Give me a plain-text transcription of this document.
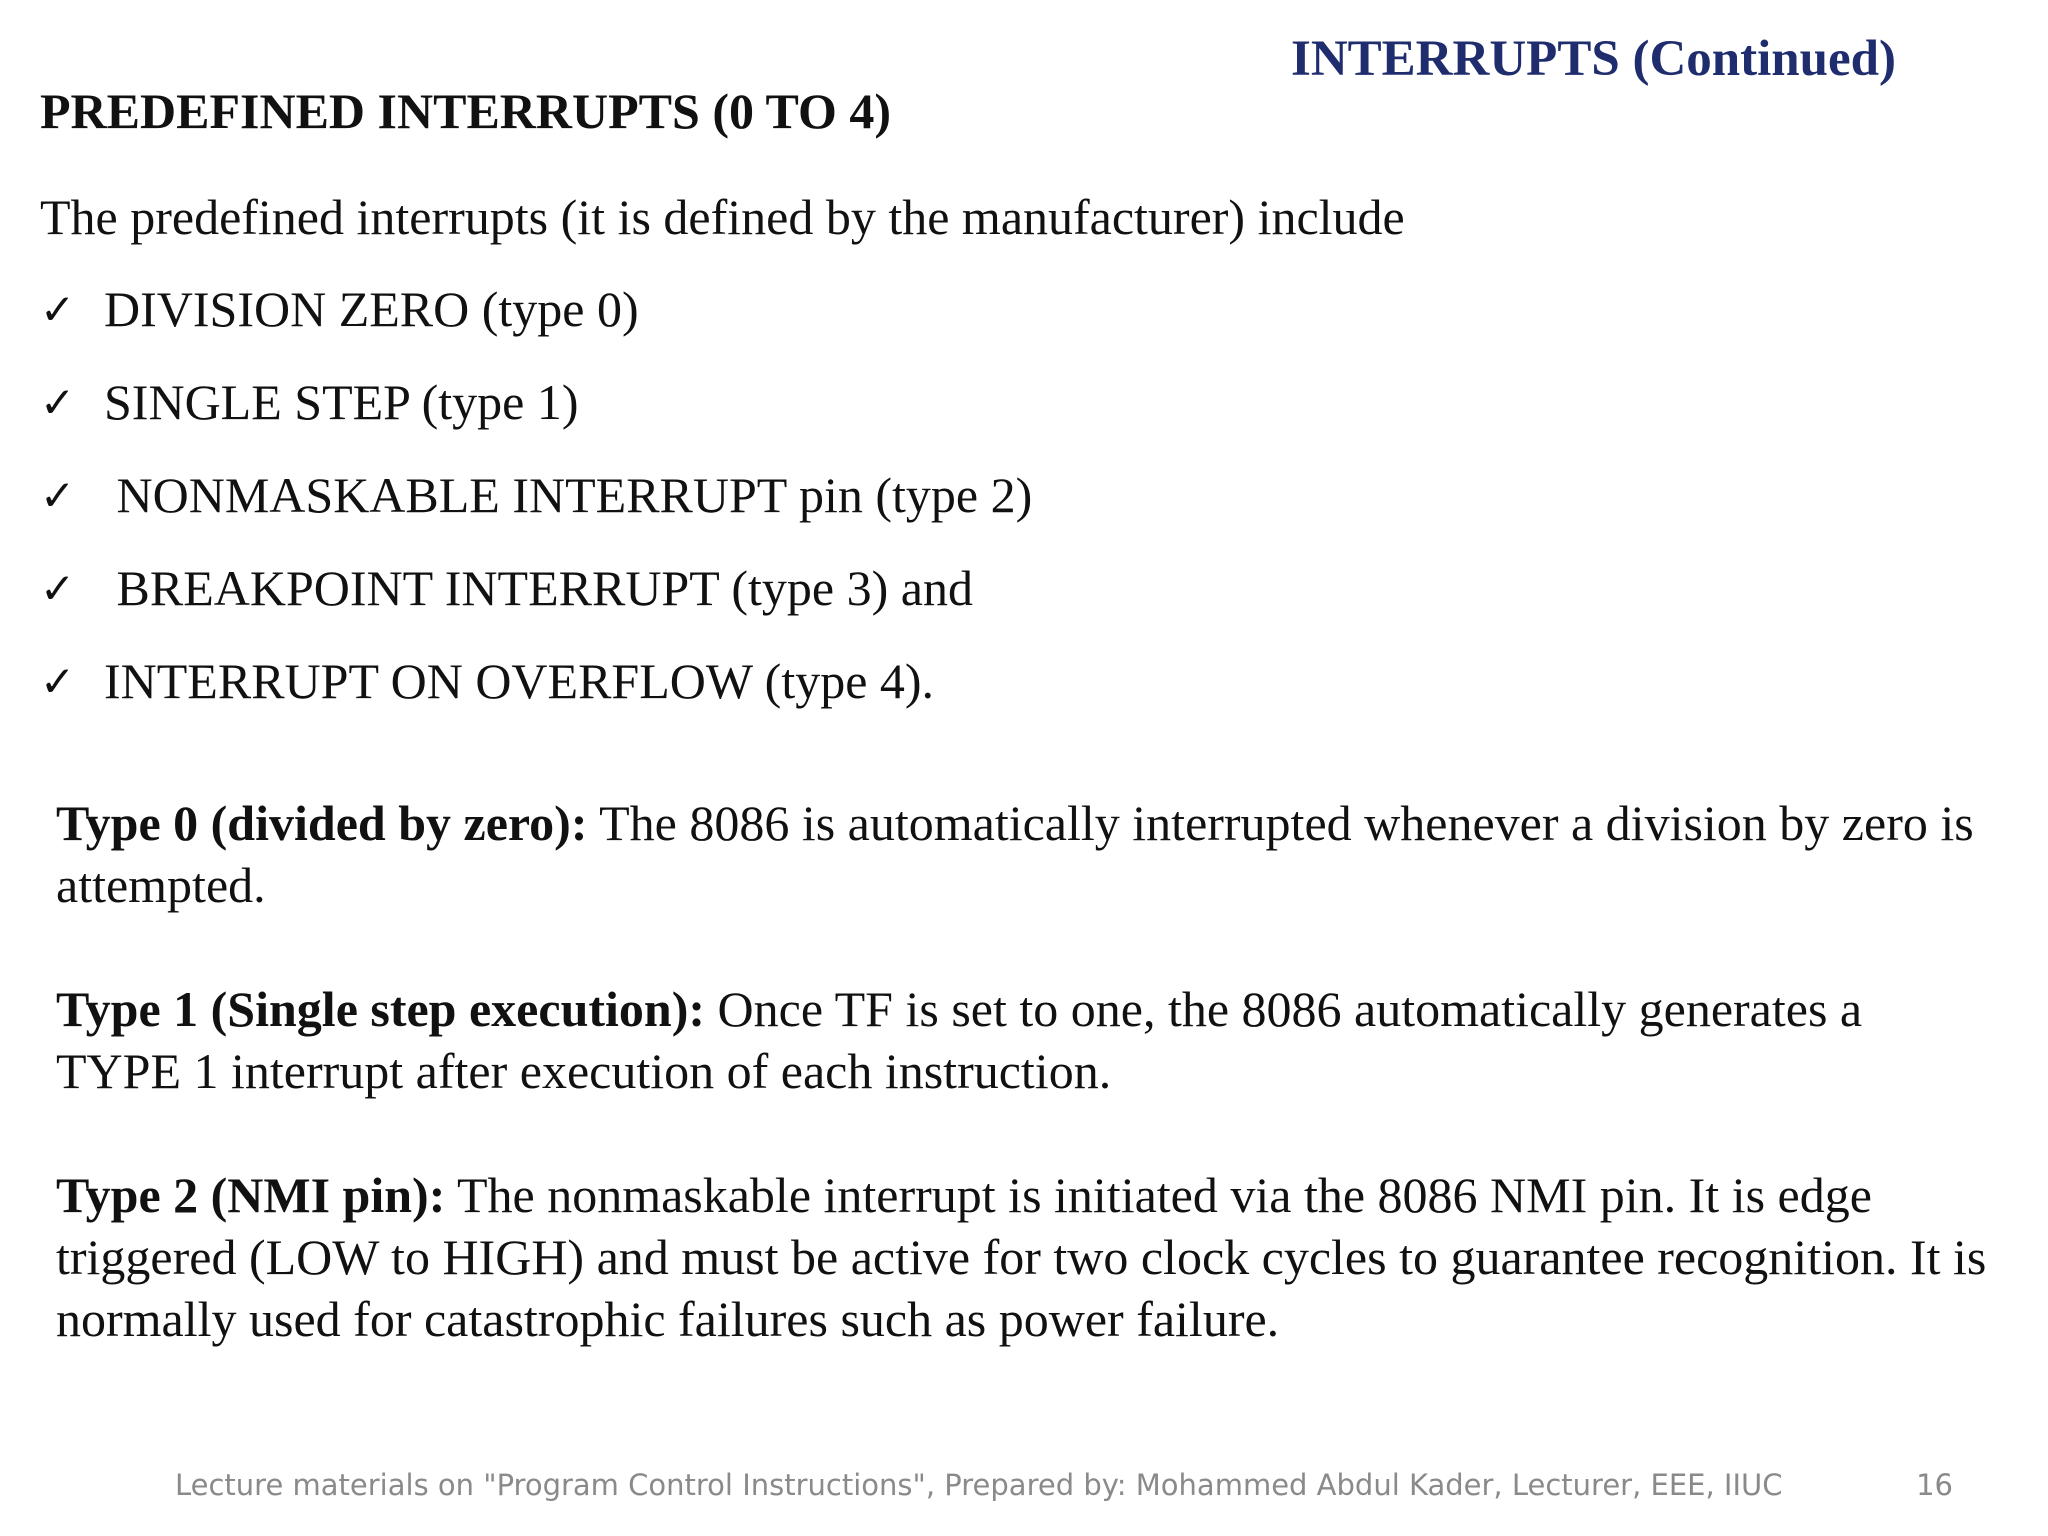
INTERRUPTS (Continued)
PREDEFINED INTERRUPTS (0 TO 4)
The predefined interrupts (it is defined by the manufacturer) include
✓ DIVISION ZERO (type 0)
✓ SINGLE STEP (type 1)
✓ NONMASKABLE INTERRUPT pin (type 2)
✓ BREAKPOINT INTERRUPT (type 3) and
✓ INTERRUPT ON OVERFLOW (type 4).

Type 0 (divided by zero): The 8086 is automatically interrupted whenever a division by zero is attempted.

Type 1 (Single step execution): Once TF is set to one, the 8086 automatically generates a TYPE 1 interrupt after execution of each instruction.

Type 2 (NMI pin): The nonmaskable interrupt is initiated via the 8086 NMI pin. It is edge triggered (LOW to HIGH) and must be active for two clock cycles to guarantee recognition. It is normally used for catastrophic failures such as power failure.

Lecture materials on "Program Control Instructions", Prepared by: Mohammed Abdul Kader, Lecturer, EEE, IIUC	16
